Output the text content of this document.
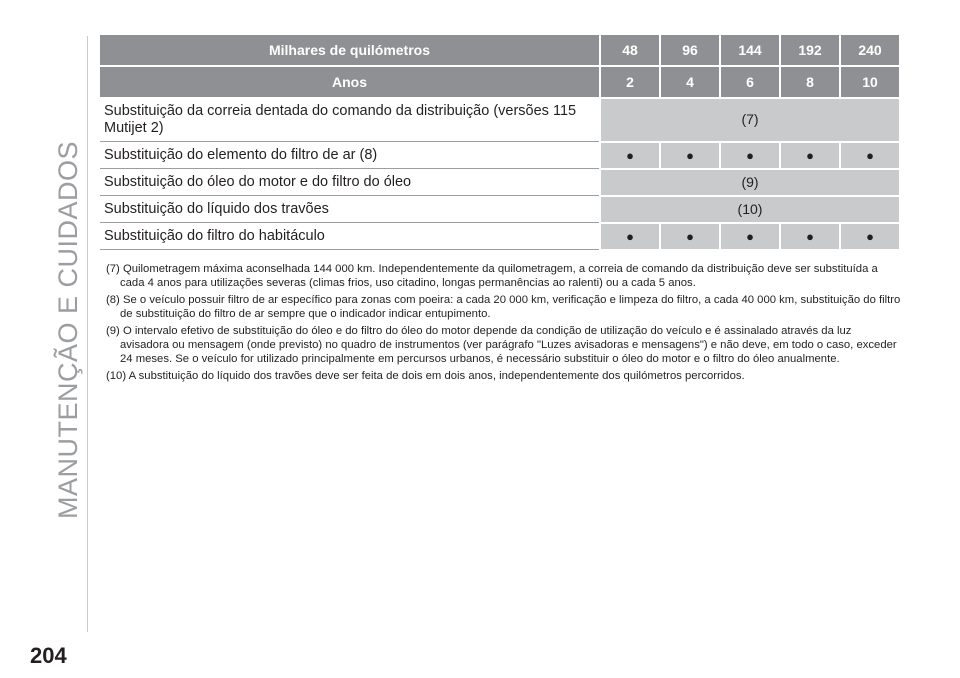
MANUTENÇÃO E CUIDADOS
Milhares de quilómetros	48	96	144	192	240
Anos	2	4	6	8	10
Substituição da correia dentada do comando da distribuição (versões 115 Mutijet 2)	(7)				
Substituição do elemento do filtro de ar (8)	●	●	●	●	●
Substituição do óleo do motor e do filtro do óleo	(9)				
Substituição do líquido dos travões	(10)				
Substituição do filtro do habitáculo	●	●	●	●	●
(7) Quilometragem máxima aconselhada 144 000 km. Independentemente da quilometragem, a correia de comando da distribuição deve ser substituída a cada 4 anos para utilizações severas (climas frios, uso citadino, longas permanências ao ralenti) ou a cada 5 anos.
(8) Se o veículo possuir filtro de ar específico para zonas com poeira: a cada 20 000 km, verificação e limpeza do filtro, a cada 40 000 km, substituição do filtro de substituição do filtro de ar sempre que o indicador indicar entupimento.
(9) O intervalo efetivo de substituição do óleo e do filtro do óleo do motor depende da condição de utilização do veículo e é assinalado através da luz avisadora ou mensagem (onde previsto) no quadro de instrumentos (ver parágrafo "Luzes avisadoras e mensagens") e não deve, em todo o caso, exceder 24 meses. Se o veículo for utilizado principalmente em percursos urbanos, é necessário substituir o óleo do motor e o filtro do óleo anualmente.
(10) A substituição do líquido dos travões deve ser feita de dois em dois anos, independentemente dos quilómetros percorridos.
204
